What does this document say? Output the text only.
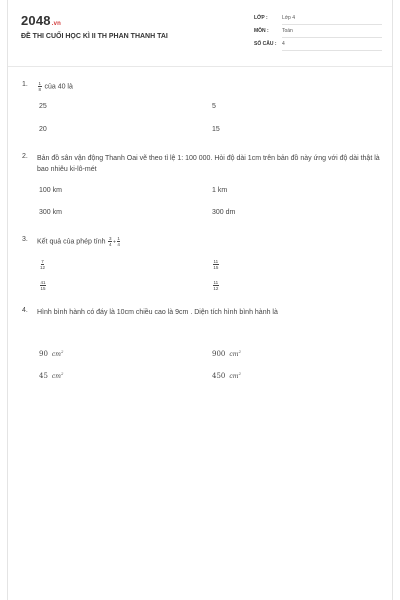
2048.vn
ĐỀ THI CUỐI HỌC KÌ II TH PHAN THANH TAI
LỚP :	Lớp 4
MÔN :	Toán
SỐ CÂU : 4
1. $\frac{1}{8}$ của 40 là
25	5
20	15
2. Bản đồ sân vận động Thanh Oai vẽ theo tỉ lệ 1: 100 000. Hỏi độ dài 1cm trên bản đồ này ứng với độ dài thật là bao nhiêu ki-lô-mét
100 km	1 km
300 km	300 dm
3. Kết quả của phép tính $\frac{3}{4} + \frac{1}{4}$
$\frac{7}{12}$	$\frac{11}{15}$
$\frac{41}{15}$	$\frac{11}{12}$
4. Hình bình hành có đáy là 10cm chiều cao là 9cm . Diện tích hình bình hành là
90 $cm^2$	900 $cm^2$
45 $cm^2$	450 $cm^2$
